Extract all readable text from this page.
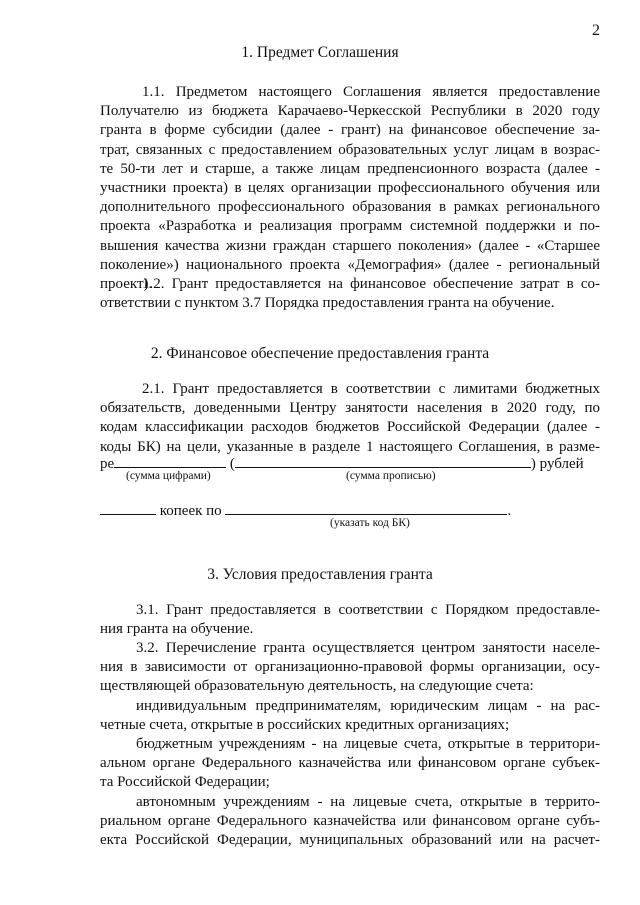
2
1. Предмет Соглашения
1.1. Предметом настоящего Соглашения является предоставление
Получателю из бюджета Карачаево-Черкесской Республики в 2020 году
гранта в форме субсидии (далее - грант) на финансовое обеспечение за-
трат, связанных с предоставлением образовательных услуг лицам в возрас-
те 50-ти лет и старше, а также лицам предпенсионного возраста (далее -
участники проекта) в целях организации профессионального обучения или
дополнительного профессионального образования в рамках регионального
проекта «Разработка и реализация программ системной поддержки и по-
вышения качества жизни граждан старшего поколения» (далее - «Старшее
поколение») национального проекта «Демография» (далее - региональный
проект).
1.2. Грант предоставляется на финансовое обеспечение затрат в со-
ответствии с пунктом 3.7 Порядка предоставления гранта на обучение.
2. Финансовое обеспечение предоставления гранта
2.1. Грант предоставляется в соответствии с лимитами бюджетных
обязательств, доведенными Центру занятости населения в 2020 году, по
кодам классификации расходов бюджетов Российской Федерации (далее -
коды БК) на цели, указанные в разделе 1 настоящего Соглашения, в разме-
ре	(	) рублей
(сумма цифрами)	(сумма прописью)
копеек по	.
(указать код БК)
3. Условия предоставления гранта
3.1. Грант предоставляется в соответствии с Порядком предоставле-
ния гранта на обучение.
3.2. Перечисление гранта осуществляется центром занятости населе-
ния в зависимости от организационно-правовой формы организации, осу-
ществляющей образовательную деятельность, на следующие счета:
индивидуальным предпринимателям, юридическим лицам - на рас-
четные счета, открытые в российских кредитных организациях;
бюджетным учреждениям - на лицевые счета, открытые в территори-
альном органе Федерального казначейства или финансовом органе субъек-
та Российской Федерации;
автономным учреждениям - на лицевые счета, открытые в террито-
риальном органе Федерального казначейства или финансовом органе субъ-
екта Российской Федерации, муниципальных образований или на расчет-
